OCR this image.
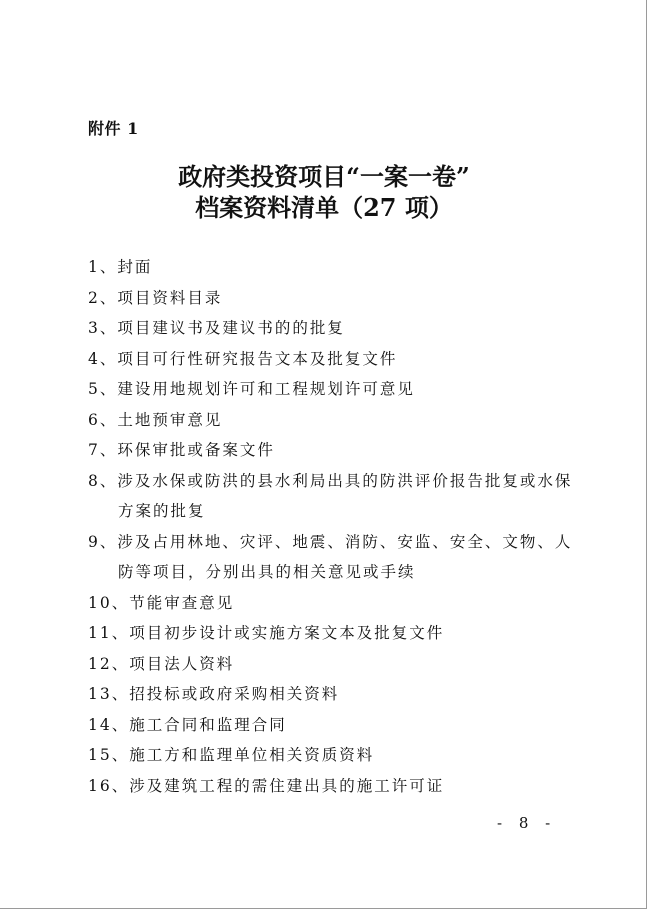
附件 1
政府类投资项目“一案一卷”
档案资料清单（27 项）
1、封面
2、项目资料目录
3、项目建议书及建议书的的批复
4、项目可行性研究报告文本及批复文件
5、建设用地规划许可和工程规划许可意见
6、土地预审意见
7、环保审批或备案文件
8、涉及水保或防洪的县水利局出具的防洪评价报告批复或水保
方案的批复
9、涉及占用林地、灾评、地震、消防、安监、安全、文物、人
防等项目，分别出具的相关意见或手续
10、节能审查意见
11、项目初步设计或实施方案文本及批复文件
12、项目法人资料
13、招投标或政府采购相关资料
14、施工合同和监理合同
15、施工方和监理单位相关资质资料
16、涉及建筑工程的需住建出具的施工许可证
- 8 -
